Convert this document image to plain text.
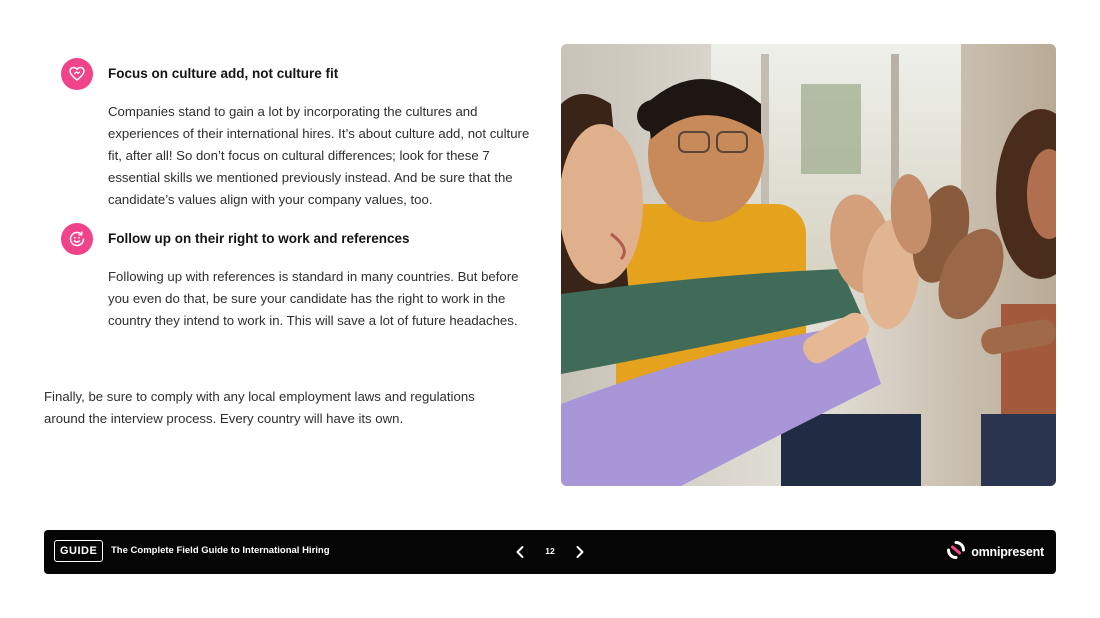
Focus on culture add, not culture fit
Companies stand to gain a lot by incorporating the cultures and experiences of their international hires. It’s about culture add, not culture fit, after all! So don’t focus on cultural differences; look for these 7 essential skills we mentioned previously instead. And be sure that the candidate’s values align with your company values, too.
Follow up on their right to work and references
Following up with references is standard in many countries. But before you even do that, be sure your candidate has the right to work in the country they intend to work in. This will save a lot of future headaches.
Finally, be sure to comply with any local employment laws and regulations around the interview process. Every country will have its own.
GUIDE	The Complete Field Guide to International Hiring	12	omnipresent
